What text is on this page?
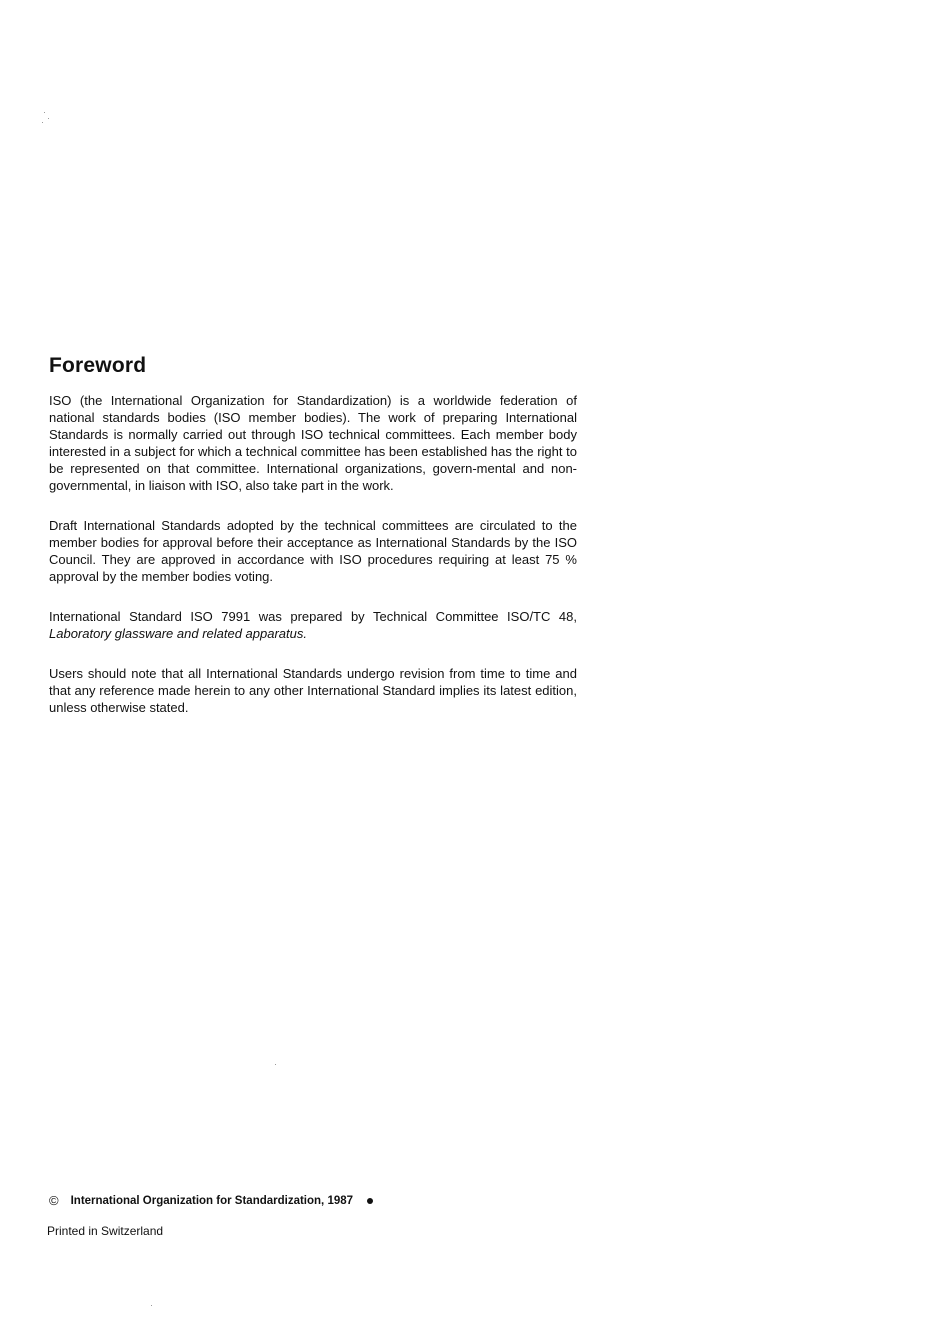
Foreword

ISO (the International Organization for Standardization) is a worldwide federation of national standards bodies (ISO member bodies). The work of preparing International Standards is normally carried out through ISO technical committees. Each member body interested in a subject for which a technical committee has been established has the right to be represented on that committee. International organizations, govern-mental and non-governmental, in liaison with ISO, also take part in the work.

Draft International Standards adopted by the technical committees are circulated to the member bodies for approval before their acceptance as International Standards by the ISO Council. They are approved in accordance with ISO procedures requiring at least 75 % approval by the member bodies voting.

International Standard ISO 7991 was prepared by Technical Committee ISO/TC 48, Laboratory glassware and related apparatus.

Users should note that all International Standards undergo revision from time to time and that any reference made herein to any other International Standard implies its latest edition, unless otherwise stated.

© International Organization for Standardization, 1987
Printed in Switzerland
